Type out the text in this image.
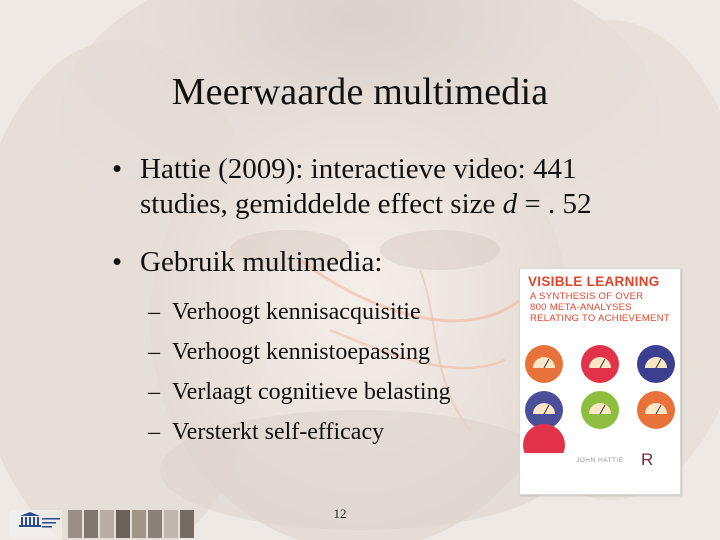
Meerwaarde multimedia
• Hattie (2009): interactieve video: 441
studies, gemiddelde effect size d = . 52
• Gebruik multimedia:
– Verhoogt kennisacquisitie
– Verhoogt kennistoepassing
– Verlaagt cognitieve belasting
– Versterkt self-efficacy
VISIBLE LEARNING
A SYNTHESIS OF OVER
800 META-ANALYSES
RELATING TO ACHIEVEMENT
JOHN HATTIE R
12
